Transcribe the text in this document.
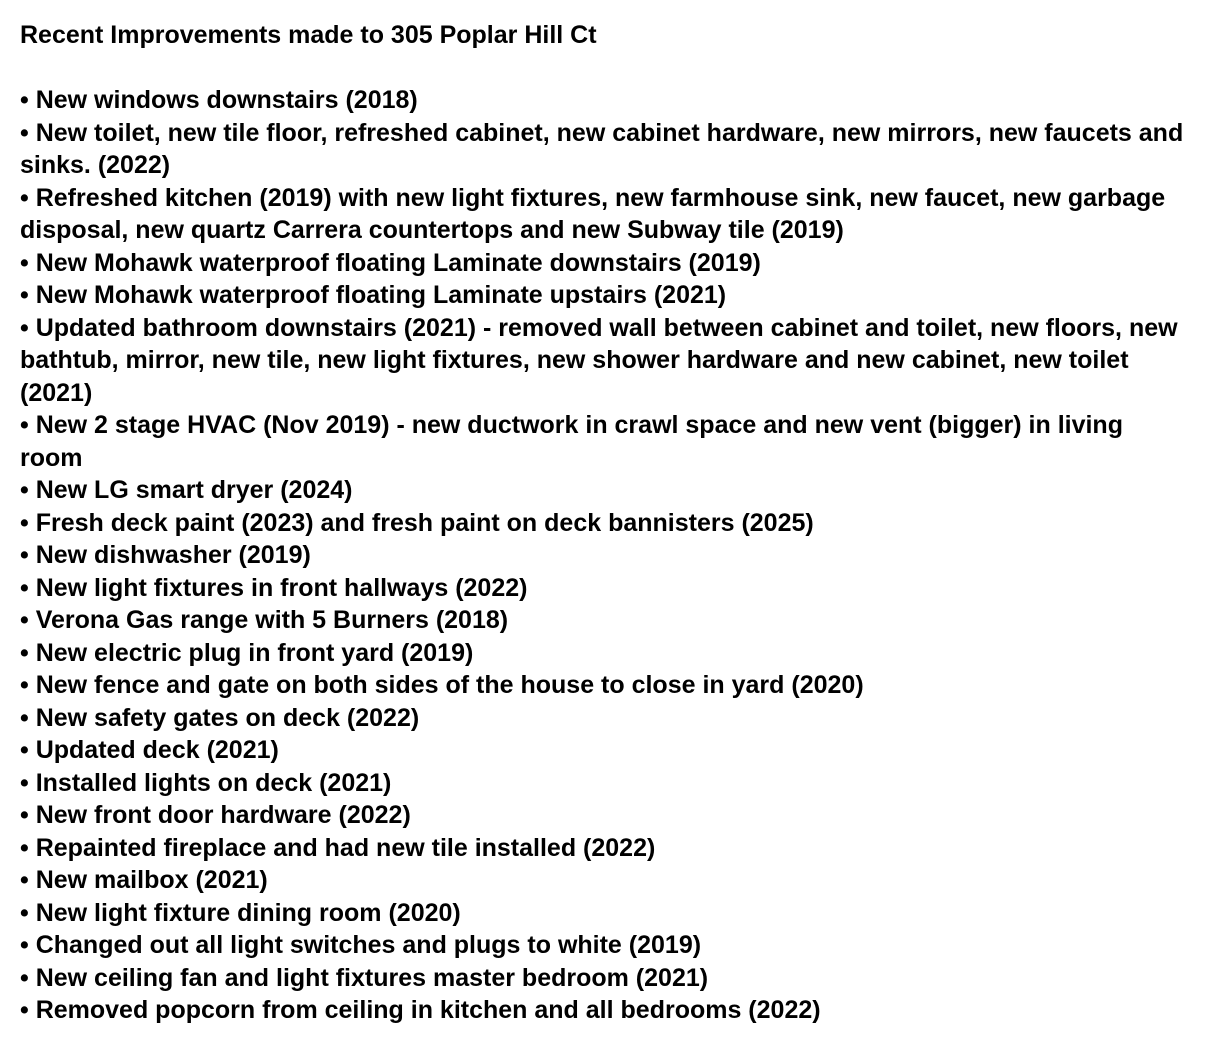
Recent Improvements made to 305 Poplar Hill Ct
• New windows downstairs (2018)
• New toilet, new tile floor, refreshed cabinet, new cabinet hardware, new mirrors, new faucets and sinks. (2022)
• Refreshed kitchen (2019) with new light fixtures, new farmhouse sink, new faucet, new garbage disposal, new quartz Carrera countertops and new Subway tile (2019)
• New Mohawk waterproof floating Laminate downstairs (2019)
• New Mohawk waterproof floating Laminate upstairs (2021)
• Updated bathroom downstairs (2021) - removed wall between cabinet and toilet, new floors, new bathtub, mirror, new tile, new light fixtures, new shower hardware and new cabinet, new toilet (2021)
• New 2 stage HVAC (Nov 2019) - new ductwork in crawl space and new vent (bigger) in living room
• New LG smart dryer (2024)
• Fresh deck paint (2023) and fresh paint on deck bannisters (2025)
• New dishwasher (2019)
• New light fixtures in front hallways (2022)
• Verona Gas range with 5 Burners (2018)
• New electric plug in front yard (2019)
• New fence and gate on both sides of the house to close in yard (2020)
• New safety gates on deck (2022)
• Updated deck (2021)
• Installed lights on deck (2021)
• New front door hardware (2022)
• Repainted fireplace and had new tile installed (2022)
• New mailbox (2021)
• New light fixture dining room (2020)
• Changed out all light switches and plugs to white (2019)
• New ceiling fan and light fixtures master bedroom (2021)
• Removed popcorn from ceiling in kitchen and all bedrooms (2022)
